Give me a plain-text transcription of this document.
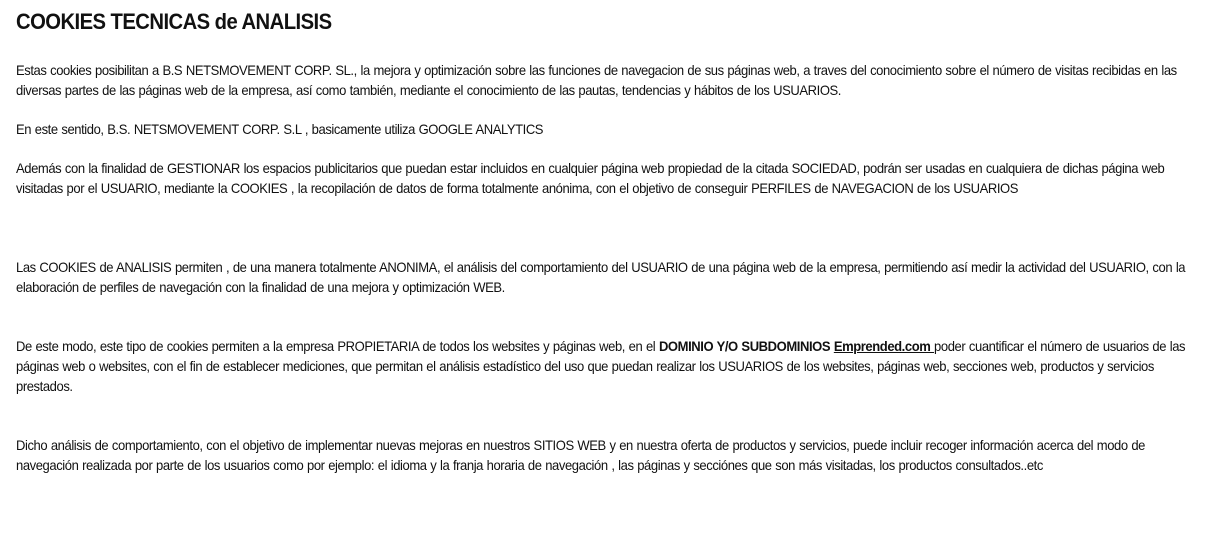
COOKIES TECNICAS de ANALISIS

Estas cookies posibilitan a B.S NETSMOVEMENT CORP. SL., la mejora y optimización sobre las funciones de navegacion de sus páginas web, a traves del conocimiento sobre el número de visitas recibidas en las diversas partes de las páginas web de la empresa, así como también, mediante el conocimiento de las pautas, tendencias y hábitos de los USUARIOS.

En este sentido, B.S. NETSMOVEMENT CORP. S.L , basicamente utiliza GOOGLE ANALYTICS

Además con la finalidad de GESTIONAR los espacios publicitarios que puedan estar incluidos en cualquier página web propiedad de la citada SOCIEDAD, podrán ser usadas en cualquiera de dichas página web visitadas por el USUARIO, mediante la COOKIES , la recopilación de datos de forma totalmente anónima, con el objetivo de conseguir PERFILES de NAVEGACION de los USUARIOS

Las COOKIES de ANALISIS permiten , de una manera totalmente ANONIMA, el análisis del comportamiento del USUARIO de una página web de la empresa, permitiendo así medir la actividad del USUARIO, con la elaboración de perfiles de navegación con la finalidad de una mejora y optimización WEB.

De este modo, este tipo de cookies permiten a la empresa PROPIETARIA de todos los websites y páginas web, en el DOMINIO Y/O SUBDOMINIOS Emprended.com poder cuantificar el número de usuarios de las páginas web o websites, con el fin de establecer mediciones, que permitan el análisis estadístico del uso que puedan realizar los USUARIOS de los websites, páginas web, secciones web, productos y servicios prestados.

Dicho análisis de comportamiento, con el objetivo de implementar nuevas mejoras en nuestros SITIOS WEB y en nuestra oferta de productos y servicios, puede incluir recoger información acerca del modo de navegación realizada por parte de los usuarios como por ejemplo: el idioma y la franja horaria de navegación , las páginas y secciónes que son más visitadas, los productos consultados..etc
